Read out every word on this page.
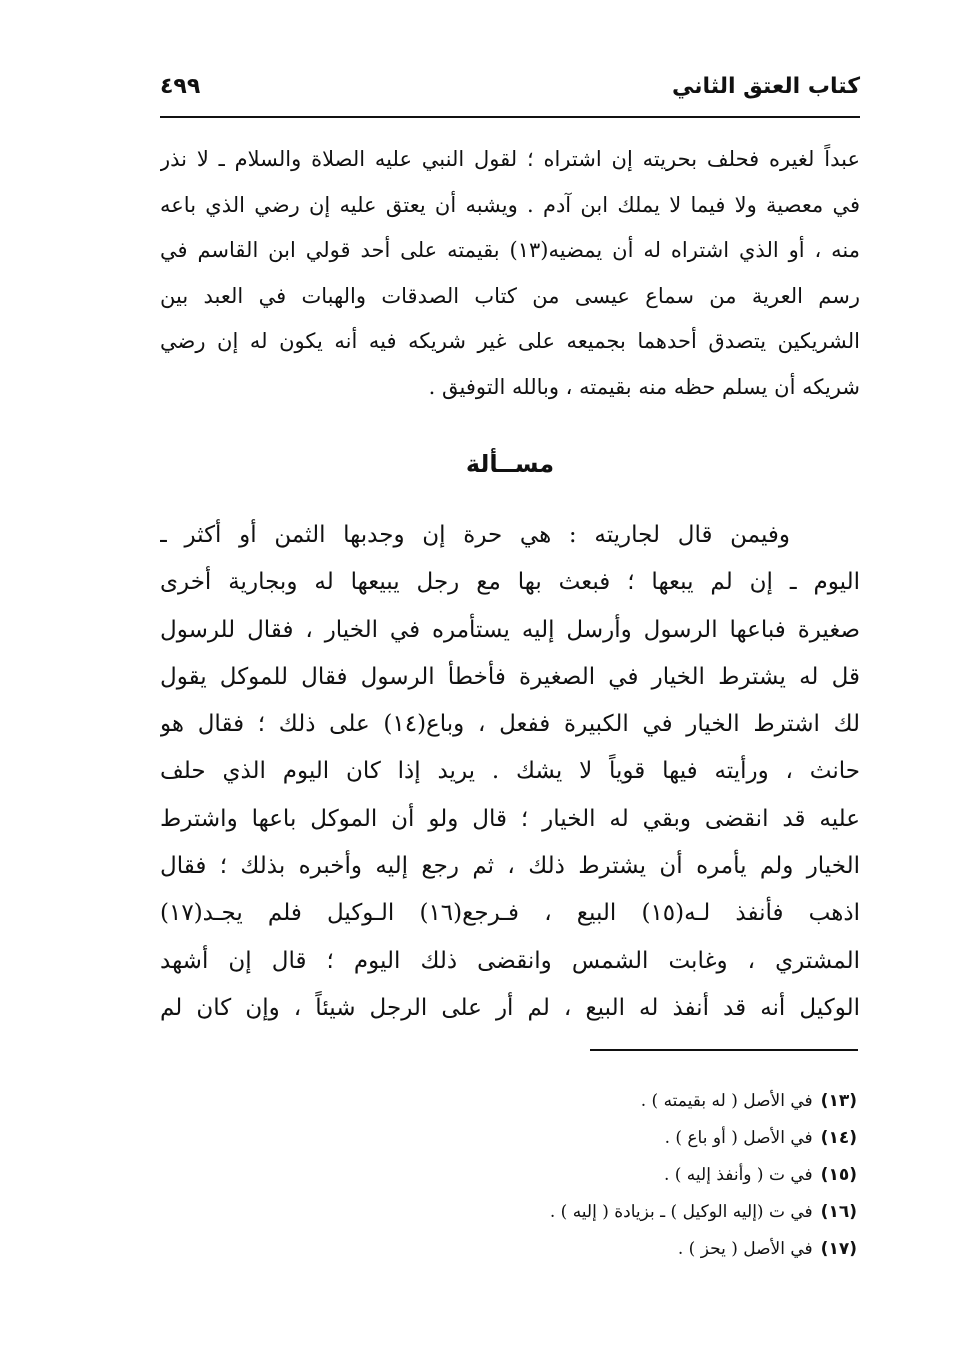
كتاب العتق الثاني
٤٩٩
عبداً لغيره فحلف بحريته إن اشتراه ؛ لقول النبي عليه الصلاة والسلام ـ لا نذر
في معصية ولا فيما لا يملك ابن آدم . ويشبه أن يعتق عليه إن رضي الذي باعه
منه ، أو الذي اشتراه له أن يمضيه(١٣) بقيمته على أحد قولي ابن القاسم في
رسم العرية من سماع عيسى من كتاب الصدقات والهبات في العبد بين
الشريكين يتصدق أحدهما بجميعه على غير شريكه فيه أنه يكون له إن رضي
شريكه أن يسلم حظه منه بقيمته ، وبالله التوفيق .
مســألة
وفيمن قال لجاريته : هي حرة إن وجدبها الثمن أو أكثر ـ
اليوم ـ إن لم يبعها ؛ فبعث بها مع رجل يبيعها له وبجارية أخرى
صغيرة فباعها الرسول وأرسل إليه يستأمره في الخيار ، فقال للرسول
قل له يشترط الخيار في الصغيرة فأخطأ الرسول فقال للموكل يقول
لك اشترط الخيار في الكبيرة ففعل ، وباع(١٤) على ذلك ؛ فقال هو
حانث ، ورأيته فيها قوياً لا يشك . يريد إذا كان اليوم الذي حلف
عليه قد انقضى وبقي له الخيار ؛ قال ولو أن الموكل باعها واشترط
الخيار ولم يأمره أن يشترط ذلك ، ثم رجع إليه وأخبره بذلك ؛ فقال
اذهب فأنفذ لـه(١٥) البيع ، فـرجع(١٦) الـوكيل فلم يجـد(١٧)
المشتري ، وغابت الشمس وانقضى ذلك اليوم ؛ قال إن أشهد
الوكيل أنه قد أنفذ له البيع ، لم أر على الرجل شيئاً ، وإن كان لم
(١٣)في الأصل ( له بقيمته ) .
(١٤)في الأصل ( أو باع ) .
(١٥)في ت ( وأنفذ إليه ) .
(١٦)في ت (إليه الوكيل ) ـ بزيادة ( إليه ) .
(١٧)في الأصل ( يحز ) .
